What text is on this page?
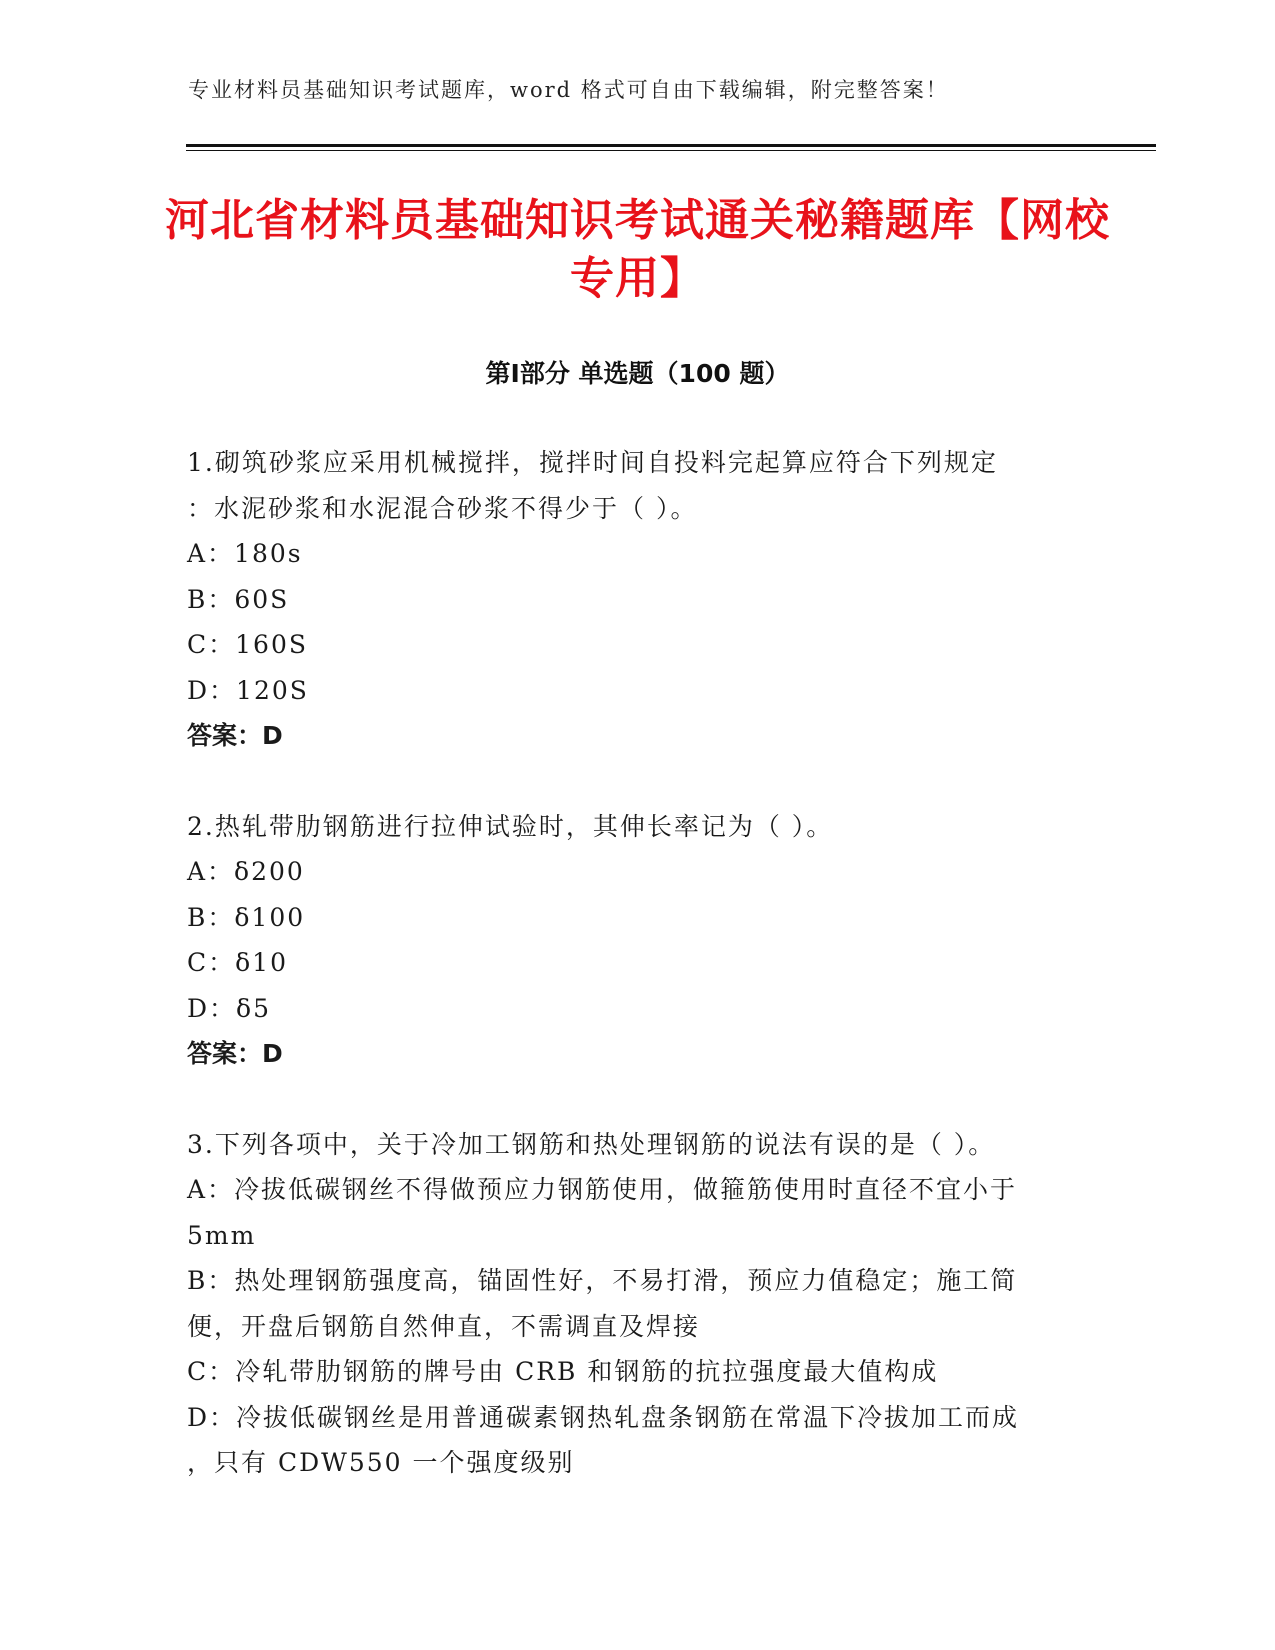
专业材料员基础知识考试题库，word 格式可自由下载编辑，附完整答案！
河北省材料员基础知识考试通关秘籍题库【网校专用】
第Ⅰ部分 单选题（100 题）
1.砌筑砂浆应采用机械搅拌，搅拌时间自投料完起算应符合下列规定
：水泥砂浆和水泥混合砂浆不得少于（ ）。
A：180s
B：60S
C：160S
D：120S
答案：D
2.热轧带肋钢筋进行拉伸试验时，其伸长率记为（ ）。
A：δ200
B：δ100
C：δ10
D：δ5
答案：D
3.下列各项中，关于冷加工钢筋和热处理钢筋的说法有误的是（ ）。
A：冷拔低碳钢丝不得做预应力钢筋使用，做箍筋使用时直径不宜小于
5mm
B：热处理钢筋强度高，锚固性好，不易打滑，预应力值稳定；施工简
便，开盘后钢筋自然伸直，不需调直及焊接
C：冷轧带肋钢筋的牌号由 CRB 和钢筋的抗拉强度最大值构成
D：冷拔低碳钢丝是用普通碳素钢热轧盘条钢筋在常温下冷拔加工而成
，只有 CDW550 一个强度级别
